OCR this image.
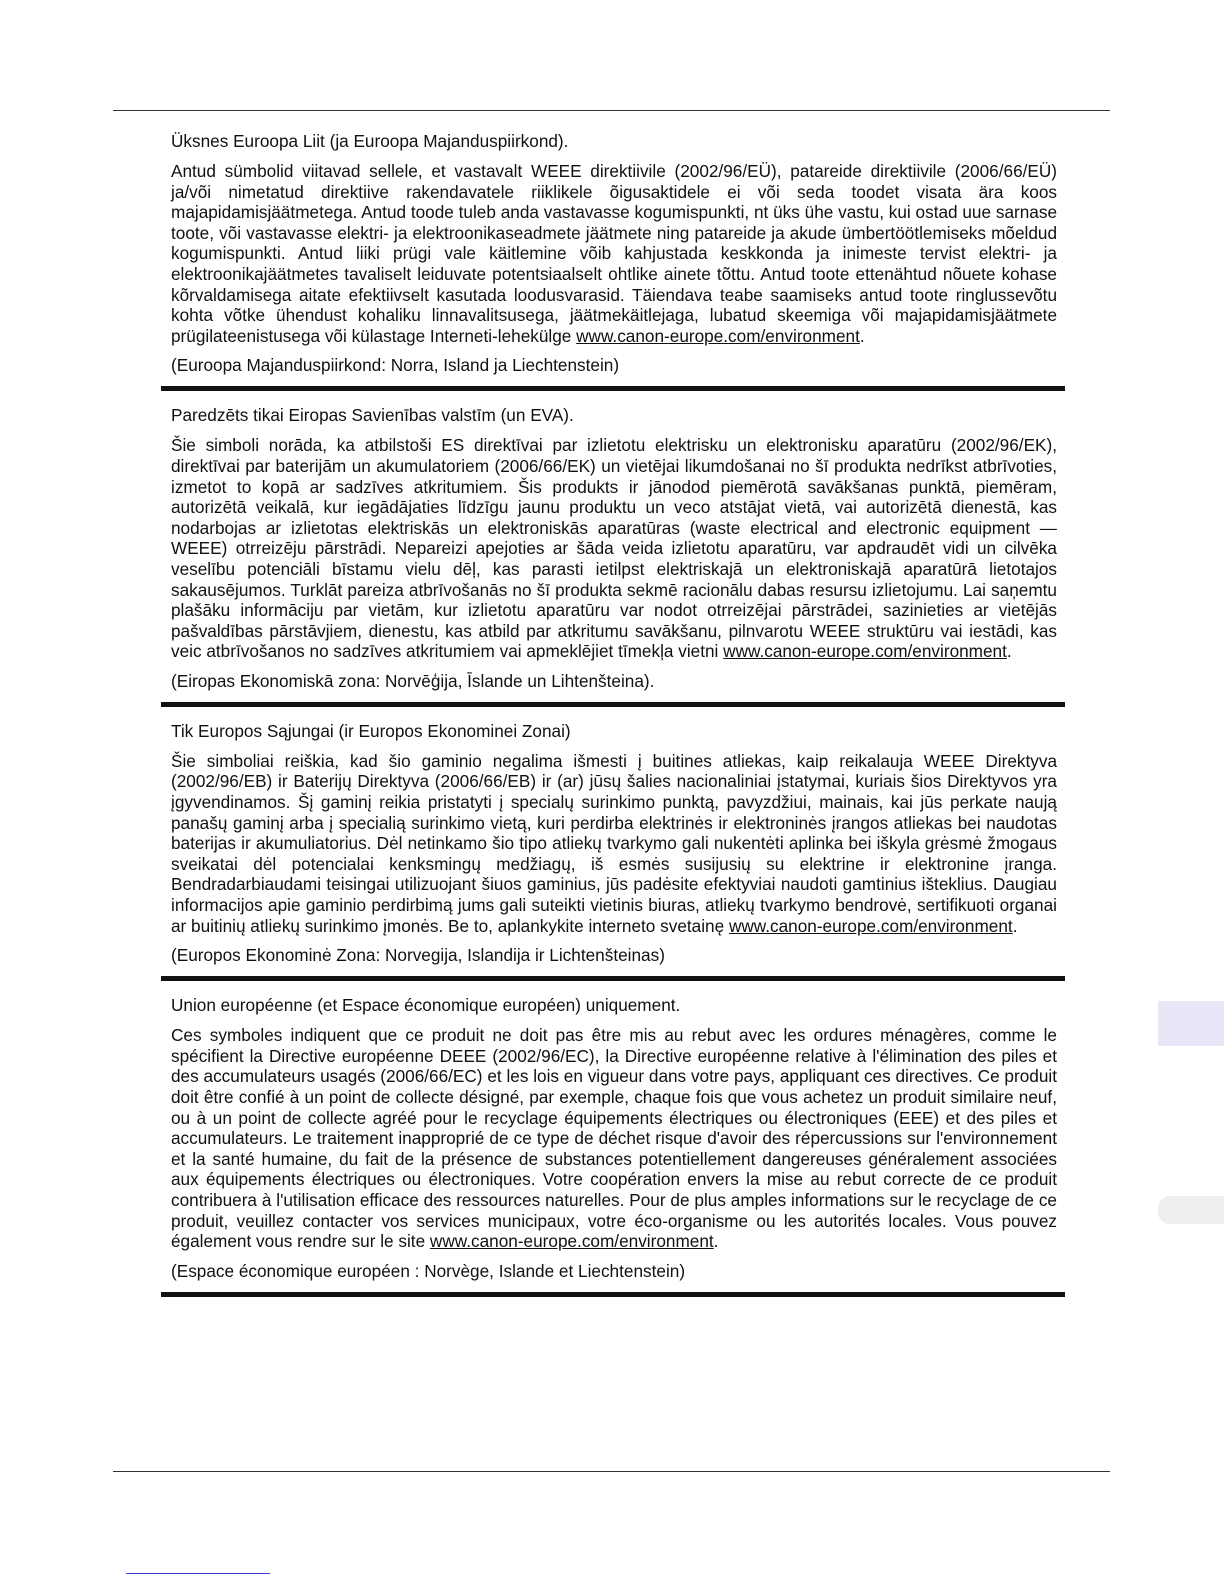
Üksnes Euroopa Liit (ja Euroopa Majanduspiirkond).

Antud sümbolid viitavad sellele, et vastavalt WEEE direktiivile (2002/96/EÜ), patareide direktiivile (2006/66/EÜ) ja/või nimetatud direktiive rakendavatele riiklikele õigusaktidele ei või seda toodet visata ära koos majapidamisjäätmetega. Antud toode tuleb anda vastavasse kogumispunkti, nt üks ühe vastu, kui ostad uue sarnase toote, või vastavasse elektri- ja elektroonikaseadmete jäätmete ning patareide ja akude ümbertöötlemiseks mõeldud kogumispunkti. Antud liiki prügi vale käitlemine võib kahjustada keskkonda ja inimeste tervist elektri- ja elektroonikajäätmetes tavaliselt leiduvate potentsiaalselt ohtlike ainete tõttu. Antud toote ettenähtud nõuete kohase kõrvaldamisega aitate efektiivselt kasutada loodusvarasid. Täiendava teabe saamiseks antud toote ringlussevõtu kohta võtke ühendust kohaliku linnavalitsusega, jäätmekäitlejaga, lubatud skeemiga või majapidamisjäätmete prügilateenistusega või külastage Interneti-lehekülge www.canon-europe.com/environment.

(Euroopa Majanduspiirkond: Norra, Island ja Liechtenstein)

Paredzēts tikai Eiropas Savienības valstīm (un EVA).

Šie simboli norāda, ka atbilstoši ES direktīvai par izlietotu elektrisku un elektronisku aparatūru (2002/96/EK), direktīvai par baterijām un akumulatoriem (2006/66/EK) un vietējai likumdošanai no šī produkta nedrīkst atbrīvoties, izmetot to kopā ar sadzīves atkritumiem. Šis produkts ir jānodod piemērotā savākšanas punktā, piemēram, autorizētā veikalā, kur iegādājaties līdzīgu jaunu produktu un veco atstājat vietā, vai autorizētā dienestā, kas nodarbojas ar izlietotas elektriskās un elektroniskās aparatūras (waste electrical and electronic equipment — WEEE) otrreizēju pārstrādi. Nepareizi apejoties ar šāda veida izlietotu aparatūru, var apdraudēt vidi un cilvēka veselību potenciāli bīstamu vielu dēļ, kas parasti ietilpst elektriskajā un elektroniskajā aparatūrā lietotajos sakausējumos. Turklāt pareiza atbrīvošanās no šī produkta sekmē racionālu dabas resursu izlietojumu. Lai saņemtu plašāku informāciju par vietām, kur izlietotu aparatūru var nodot otrreizējai pārstrādei, sazinieties ar vietējās pašvaldības pārstāvjiem, dienestu, kas atbild par atkritumu savākšanu, pilnvarotu WEEE struktūru vai iestādi, kas veic atbrīvošanos no sadzīves atkritumiem vai apmeklējiet tīmekļa vietni www.canon-europe.com/environment.

(Eiropas Ekonomiskā zona: Norvēģija, Īslande un Lihtenšteina).

Tik Europos Sąjungai (ir Europos Ekonominei Zonai)

Šie simboliai reiškia, kad šio gaminio negalima išmesti į buitines atliekas, kaip reikalauja WEEE Direktyva (2002/96/EB) ir Baterijų Direktyva (2006/66/EB) ir (ar) jūsų šalies nacionaliniai įstatymai, kuriais šios Direktyvos yra įgyvendinamos. Šį gaminį reikia pristatyti į specialų surinkimo punktą, pavyzdžiui, mainais, kai jūs perkate naują panašų gaminį arba į specialią surinkimo vietą, kuri perdirba elektrinės ir elektroninės įrangos atliekas bei naudotas baterijas ir akumuliatorius. Dėl netinkamo šio tipo atliekų tvarkymo gali nukentėti aplinka bei iškyla grėsmė žmogaus sveikatai dėl potencialai kenksmingų medžiagų, iš esmės susijusių su elektrine ir elektronine įranga. Bendradarbiaudami teisingai utilizuojant šiuos gaminius, jūs padėsite efektyviai naudoti gamtinius išteklius. Daugiau informacijos apie gaminio perdirbimą jums gali suteikti vietinis biuras, atliekų tvarkymo bendrovė, sertifikuoti organai ar buitinių atliekų surinkimo įmonės. Be to, aplankykite interneto svetainę www.canon-europe.com/environment.

(Europos Ekonominė Zona: Norvegija, Islandija ir Lichtenšteinas)

Union européenne (et Espace économique européen) uniquement.

Ces symboles indiquent que ce produit ne doit pas être mis au rebut avec les ordures ménagères, comme le spécifient la Directive européenne DEEE (2002/96/EC), la Directive européenne relative à l'élimination des piles et des accumulateurs usagés (2006/66/EC) et les lois en vigueur dans votre pays, appliquant ces directives. Ce produit doit être confié à un point de collecte désigné, par exemple, chaque fois que vous achetez un produit similaire neuf, ou à un point de collecte agréé pour le recyclage équipements électriques ou électroniques (EEE) et des piles et accumulateurs. Le traitement inapproprié de ce type de déchet risque d'avoir des répercussions sur l'environnement et la santé humaine, du fait de la présence de substances potentiellement dangereuses généralement associées aux équipements électriques ou électroniques. Votre coopération envers la mise au rebut correcte de ce produit contribuera à l'utilisation efficace des ressources naturelles. Pour de plus amples informations sur le recyclage de ce produit, veuillez contacter vos services municipaux, votre éco-organisme ou les autorités locales. Vous pouvez également vous rendre sur le site www.canon-europe.com/environment.

(Espace économique européen : Norvège, Islande et Liechtenstein)
